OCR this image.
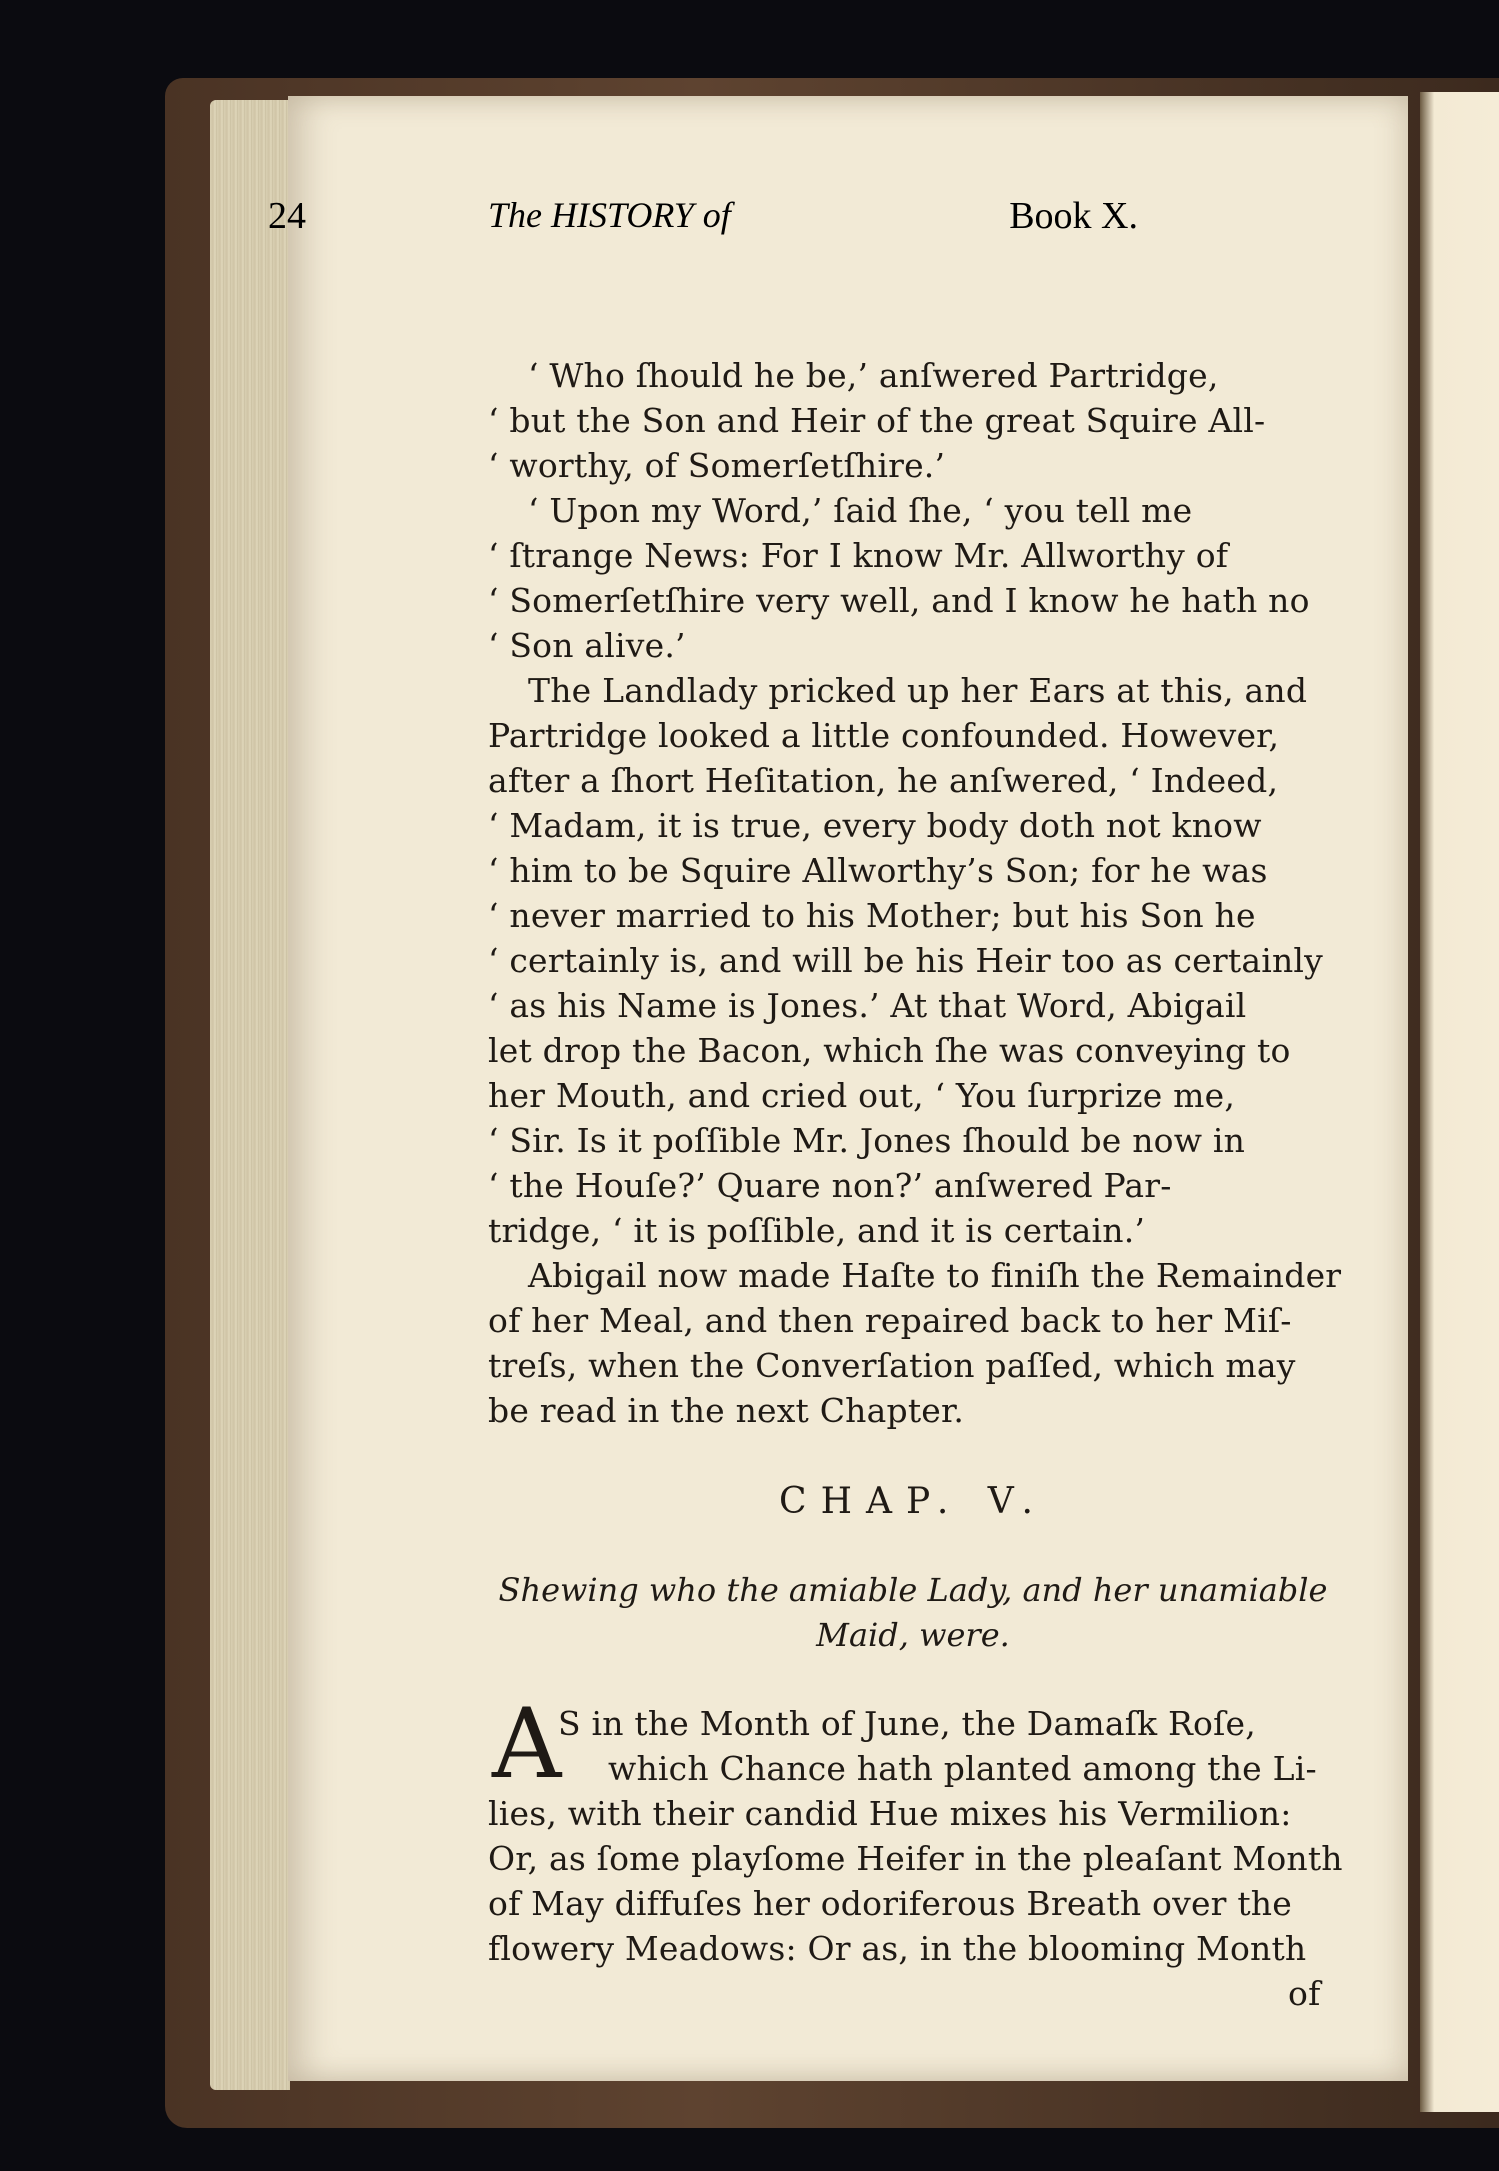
24	The HISTORY of	Book X.
‘ Who ſhould he be,’ anſwered Partridge,
‘ but the Son and Heir of the great Squire All-
‘ worthy, of Somerſetſhire.’
‘ Upon my Word,’ ſaid ſhe, ‘ you tell me
‘ ſtrange News: For I know Mr. Allworthy of
‘ Somerſetſhire very well, and I know he hath no
‘ Son alive.’
The Landlady pricked up her Ears at this, and
Partridge looked a little confounded. However,
after a ſhort Heſitation, he anſwered, ‘ Indeed,
‘ Madam, it is true, every body doth not know
‘ him to be Squire Allworthy’s Son; for he was
‘ never married to his Mother; but his Son he
‘ certainly is, and will be his Heir too as certainly
‘ as his Name is Jones.’ At that Word, Abigail
let drop the Bacon, which ſhe was conveying to
her Mouth, and cried out, ‘ You ſurprize me,
‘ Sir. Is it poſſible Mr. Jones ſhould be now in
‘ the Houſe?’ Quare non?’ anſwered Par-
tridge, ‘ it is poſſible, and it is certain.’
Abigail now made Haſte to finiſh the Remainder
of her Meal, and then repaired back to her Miſ-
treſs, when the Converſation paſſed, which may
be read in the next Chapter.
CHAP. V.
Shewing who the amiable Lady, and her unamiable
Maid, were.
A
S in the Month of June, the Damaſk Roſe,
which Chance hath planted among the Li-
lies, with their candid Hue mixes his Vermilion:
Or, as ſome playſome Heifer in the pleaſant Month
of May diffuſes her odoriferous Breath over the
flowery Meadows: Or as, in the blooming Month
of
